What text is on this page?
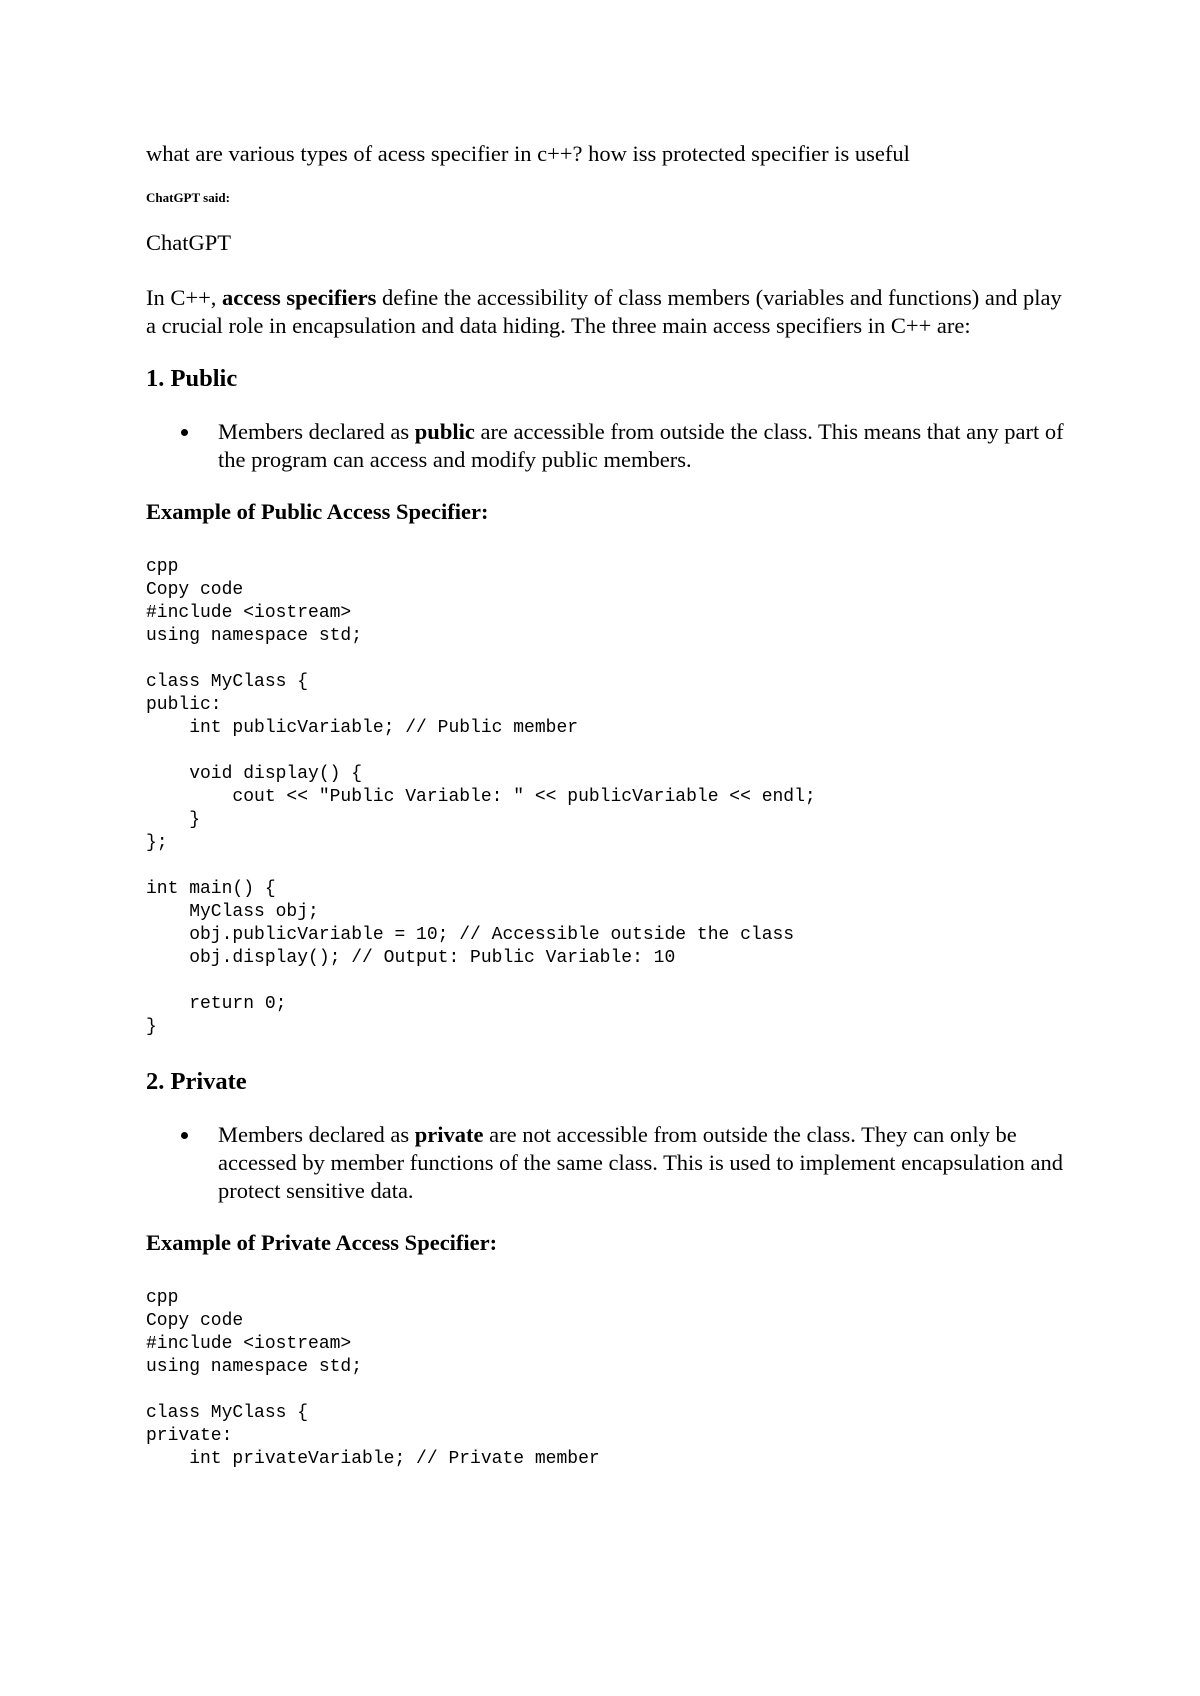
what are various types of acess specifier in c++? how iss protected specifier is useful

ChatGPT said:

ChatGPT

In C++, access specifiers define the accessibility of class members (variables and functions) and play a crucial role in encapsulation and data hiding. The three main access specifiers in C++ are:

1. Public
Members declared as public are accessible from outside the class. This means that any part of the program can access and modify public members.

Example of Public Access Specifier:

cpp
Copy code
#include <iostream>
using namespace std;
class MyClass {
public:
int publicVariable; // Public member
void display() {
cout << "Public Variable: " << publicVariable << endl;
}
};
int main() {
MyClass obj;
obj.publicVariable = 10; // Accessible outside the class
obj.display(); // Output: Public Variable: 10
return 0;
}
2. Private
Members declared as private are not accessible from outside the class. They can only be accessed by member functions of the same class. This is used to implement encapsulation and protect sensitive data.

Example of Private Access Specifier:

cpp
Copy code
#include <iostream>
using namespace std;
class MyClass {
private:
int privateVariable; // Private member
